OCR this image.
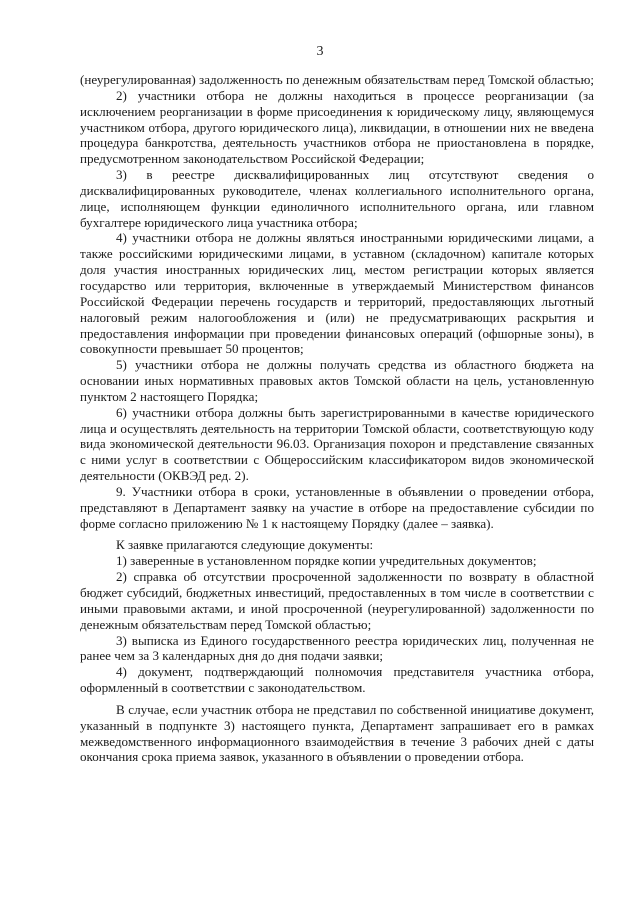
3

(неурегулированная) задолженность по денежным обязательствам перед Томской областью;

2) участники отбора не должны находиться в процессе реорганизации (за исключением реорганизации в форме присоединения к юридическому лицу, являющемуся участником отбора, другого юридического лица), ликвидации, в отношении них не введена процедура банкротства, деятельность участников отбора не приостановлена в порядке, предусмотренном законодательством Российской Федерации;

3) в реестре дисквалифицированных лиц отсутствуют сведения о дисквалифицированных руководителе, членах коллегиального исполнительного органа, лице, исполняющем функции единоличного исполнительного органа, или главном бухгалтере юридического лица участника отбора;

4) участники отбора не должны являться иностранными юридическими лицами, а также российскими юридическими лицами, в уставном (складочном) капитале которых доля участия иностранных юридических лиц, местом регистрации которых является государство или территория, включенные в утверждаемый Министерством финансов Российской Федерации перечень государств и территорий, предоставляющих льготный налоговый режим налогообложения и (или) не предусматривающих раскрытия и предоставления информации при проведении финансовых операций (офшорные зоны), в совокупности превышает 50 процентов;

5) участники отбора не должны получать средства из областного бюджета на основании иных нормативных правовых актов Томской области на цель, установленную пунктом 2 настоящего Порядка;

6) участники отбора должны быть зарегистрированными в качестве юридического лица и осуществлять деятельность на территории Томской области, соответствующую коду вида экономической деятельности 96.03. Организация похорон и представление связанных с ними услуг в соответствии с Общероссийским классификатором видов экономической деятельности (ОКВЭД ред. 2).

9. Участники отбора в сроки, установленные в объявлении о проведении отбора, представляют в Департамент заявку на участие в отборе на предоставление субсидии по форме согласно приложению № 1 к настоящему Порядку (далее – заявка).

К заявке прилагаются следующие документы:

1) заверенные в установленном порядке копии учредительных документов;

2) справка об отсутствии просроченной задолженности по возврату в областной бюджет субсидий, бюджетных инвестиций, предоставленных в том числе в соответствии с иными правовыми актами, и иной просроченной (неурегулированной) задолженности по денежным обязательствам перед Томской областью;

3) выписка из Единого государственного реестра юридических лиц, полученная не ранее чем за 3 календарных дня до дня подачи заявки;

4) документ, подтверждающий полномочия представителя участника отбора, оформленный в соответствии с законодательством.

В случае, если участник отбора не представил по собственной инициативе документ, указанный в подпункте 3) настоящего пункта, Департамент запрашивает его в рамках межведомственного информационного взаимодействия в течение 3 рабочих дней с даты окончания срока приема заявок, указанного в объявлении о проведении отбора.
